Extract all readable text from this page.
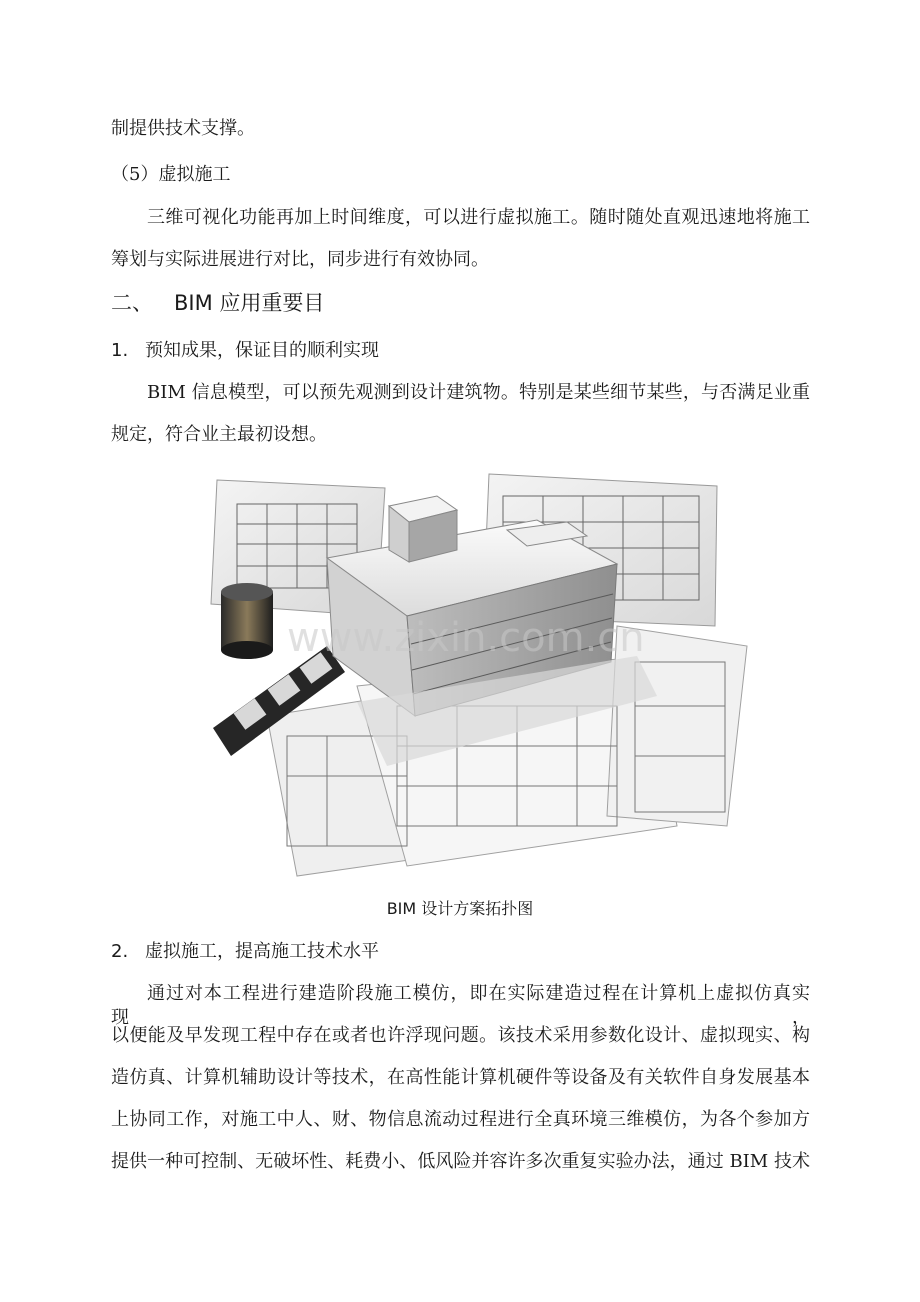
制提供技术支撑。
（5）虚拟施工
三维可视化功能再加上时间维度，可以进行虚拟施工。随时随处直观迅速地将施工
筹划与实际进展进行对比，同步进行有效协同。
二、 BIM 应用重要目
1. 预知成果，保证目的顺利实现
BIM 信息模型，可以预先观测到设计建筑物。特别是某些细节某些，与否满足业重
规定，符合业主最初设想。
www.zixin.com.cn
BIM 设计方案拓扑图
2. 虚拟施工，提高施工技术水平
通过对本工程进行建造阶段施工模仿，即在实际建造过程在计算机上虚拟仿真实现，
以便能及早发现工程中存在或者也许浮现问题。该技术采用参数化设计、虚拟现实、构
造仿真、计算机辅助设计等技术，在高性能计算机硬件等设备及有关软件自身发展基本
上协同工作，对施工中人、财、物信息流动过程进行全真环境三维模仿，为各个参加方
提供一种可控制、无破坏性、耗费小、低风险并容许多次重复实验办法，通过 BIM 技术
